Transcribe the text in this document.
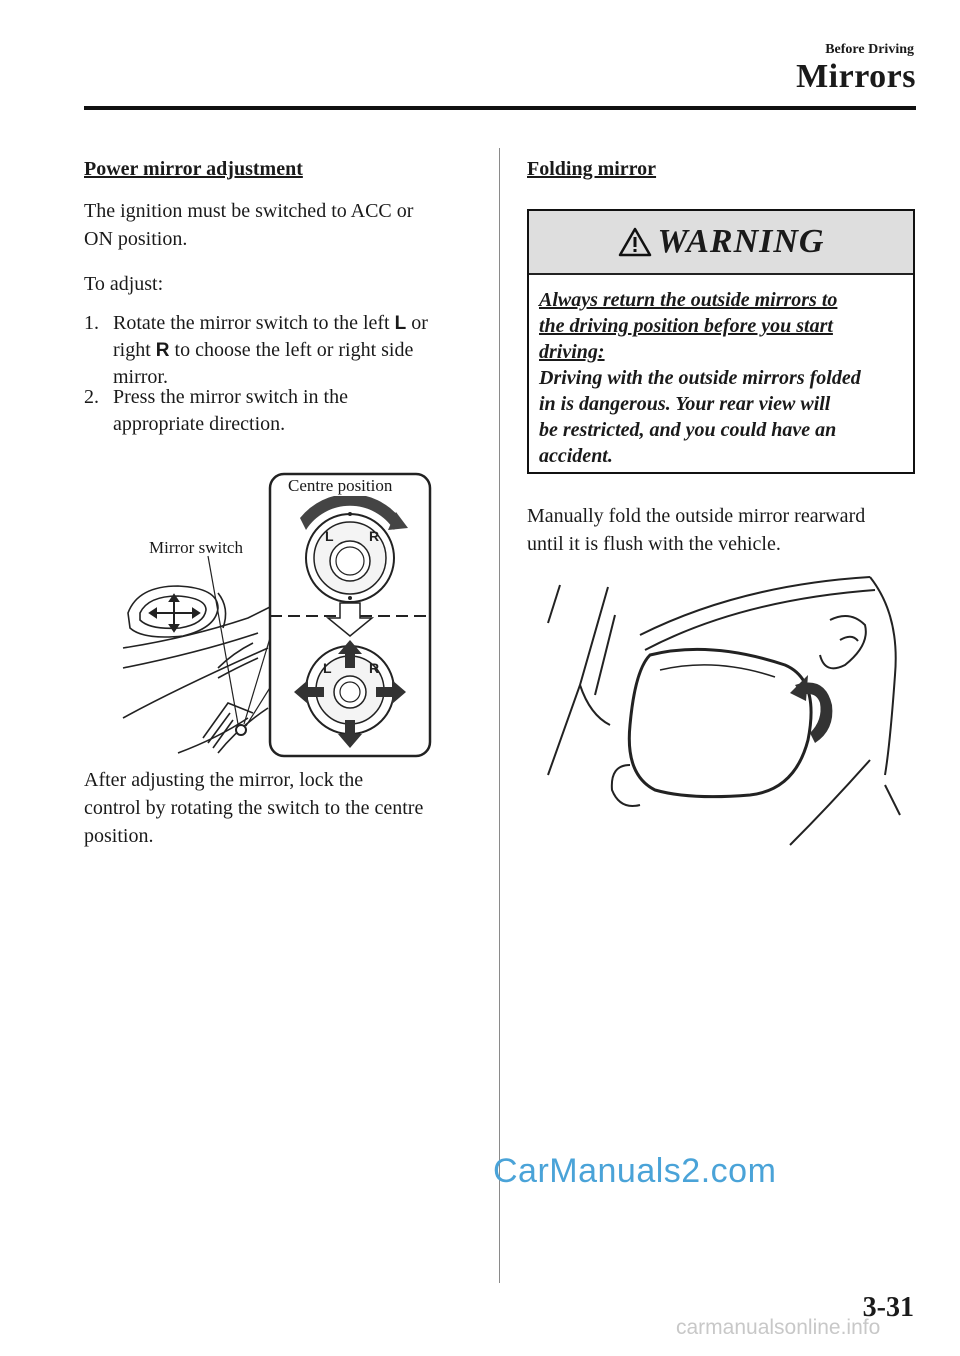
Before Driving
Mirrors
Power mirror adjustment
The ignition must be switched to ACC or
ON position.
To adjust:
1. Rotate the mirror switch to the left L or
right R to choose the left or right side
mirror.
2. Press the mirror switch in the
appropriate direction.
L	R
L	R
Centre position
Mirror switch
After adjusting the mirror, lock the
control by rotating the switch to the centre
position.
Folding mirror
WARNING
Always return the outside mirrors to
the driving position before you start
driving:
Driving with the outside mirrors folded
in is dangerous. Your rear view will
be restricted, and you could have an
accident.
Manually fold the outside mirror rearward
until it is flush with the vehicle.
CarManuals2.com
3-31
carmanualsonline.info
